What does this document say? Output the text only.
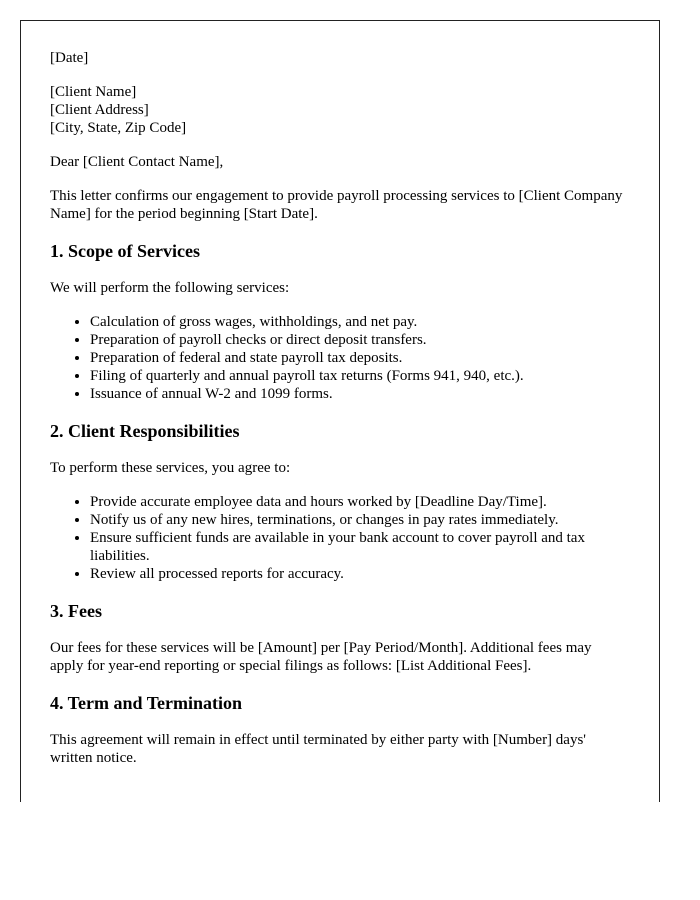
[Date]

[Client Name]

[Client Address]

[City, State, Zip Code]

Dear [Client Contact Name],

This letter confirms our engagement to provide payroll processing services to [Client Company Name] for the period beginning [Start Date].

1. Scope of Services

We will perform the following services:

• Calculation of gross wages, withholdings, and net pay.
• Preparation of payroll checks or direct deposit transfers.
• Preparation of federal and state payroll tax deposits.
• Filing of quarterly and annual payroll tax returns (Forms 941, 940, etc.).
• Issuance of annual W-2 and 1099 forms.
2. Client Responsibilities

To perform these services, you agree to:

• Provide accurate employee data and hours worked by [Deadline Day/Time].
• Notify us of any new hires, terminations, or changes in pay rates immediately.
• Ensure sufficient funds are available in your bank account to cover payroll and tax liabilities.
• Review all processed reports for accuracy.
3. Fees

Our fees for these services will be [Amount] per [Pay Period/Month]. Additional fees may apply for year-end reporting or special filings as follows: [List Additional Fees].

4. Term and Termination

This agreement will remain in effect until terminated by either party with [Number] days' written notice.
